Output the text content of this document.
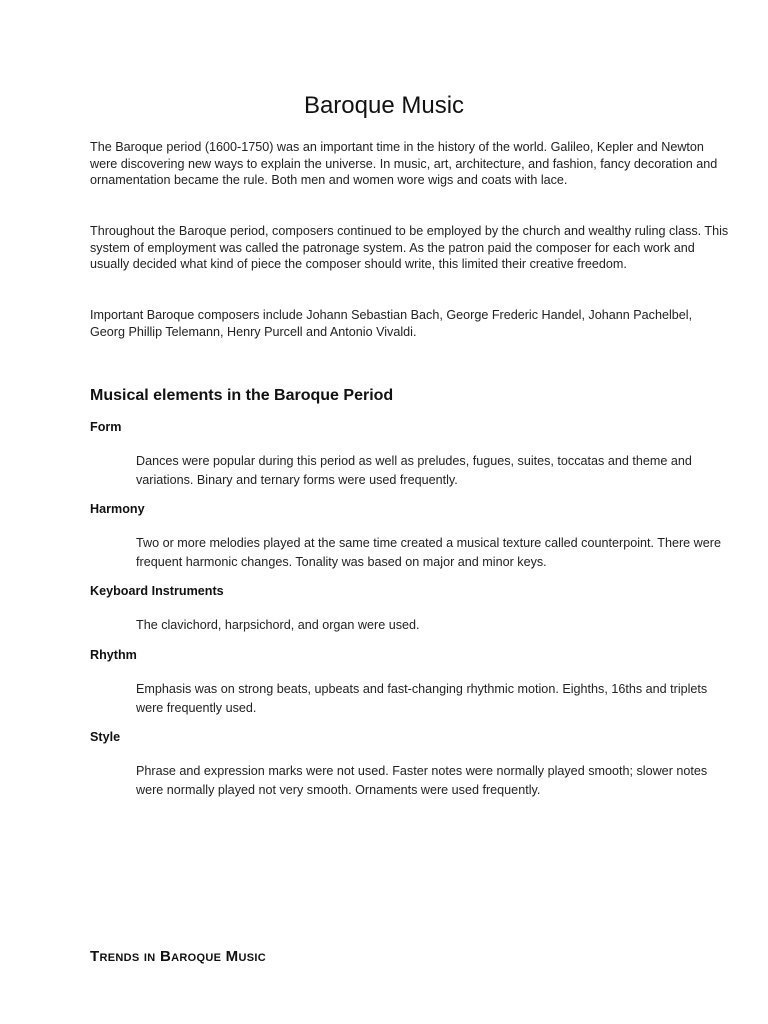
Baroque Music

The Baroque period (1600-1750) was an important time in the history of the world. Galileo, Kepler and Newton were discovering new ways to explain the universe. In music, art, architecture, and fashion, fancy decoration and ornamentation became the rule. Both men and women wore wigs and coats with lace.

Throughout the Baroque period, composers continued to be employed by the church and wealthy ruling class. This system of employment was called the patronage system. As the patron paid the composer for each work and usually decided what kind of piece the composer should write, this limited their creative freedom.

Important Baroque composers include Johann Sebastian Bach, George Frederic Handel, Johann Pachelbel, Georg Phillip Telemann, Henry Purcell and Antonio Vivaldi.

Musical elements in the Baroque Period
Form

Dances were popular during this period as well as preludes, fugues, suites, toccatas and theme and variations. Binary and ternary forms were used frequently.

Harmony

Two or more melodies played at the same time created a musical texture called counterpoint. There were frequent harmonic changes. Tonality was based on major and minor keys.

Keyboard Instruments

The clavichord, harpsichord, and organ were used.

Rhythm

Emphasis was on strong beats, upbeats and fast-changing rhythmic motion. Eighths, 16ths and triplets were frequently used.

Style

Phrase and expression marks were not used. Faster notes were normally played smooth; slower notes were normally played not very smooth. Ornaments were used frequently.

Trends in Baroque Music
